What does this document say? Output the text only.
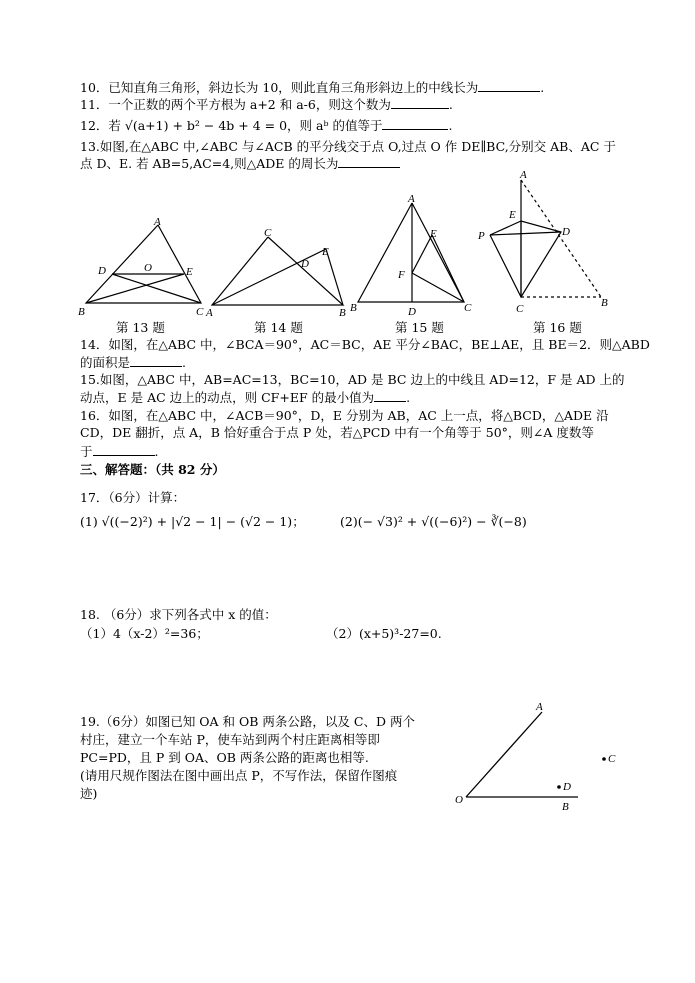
10．已知直角三角形，斜边长为 10，则此直角三角形斜边上的中线长为	.
11．一个正数的两个平方根为 a+2 和 a-6，则这个数为	.
12．若 √(a+1) + b² − 4b + 4 = 0，则 aᵇ 的值等于	.
13.如图,在△ABC 中,∠ABC 与∠ACB 的平分线交于点 O,过点 O 作 DE∥BC,分别交 AB、AC 于
点 D、E. 若 AB=5,AC=4,则△ADE 的周长为
A
D	O	E
B	C
第 13 题
C
D
E
A	B
第 14 题
A
E
F
B	D	C
第 15 题
A
E
P	D
C	B
第 16 题
14．如图，在△ABC 中，∠BCA＝90°，AC＝BC，AE 平分∠BAC，BE⊥AE，且 BE＝2．则△ABD
的面积是	.
15.如图，△ABC 中，AB=AC=13，BC=10，AD 是 BC 边上的中线且 AD=12，F 是 AD 上的
动点，E 是 AC 边上的动点，则 CF+EF 的最小值为	.
16．如图，在△ABC 中，∠ACB＝90°，D，E 分别为 AB，AC 上一点，将△BCD，△ADE 沿
CD，DE 翻折，点 A，B 恰好重合于点 P 处，若△PCD 中有一个角等于 50°，则∠A 度数等
于	.
三、解答题：（共 82 分）
17．（6分）计算：
(1) √((−2)²) + |√2 − 1| − (√2 − 1)；	(2)(− √3)² + √((−6)²) − ∛(−8)
18. （6分）求下列各式中 x 的值：
（1）4（x-2）²=36；	（2）(x+5)³-27=0.
19.（6分）如图已知 OA 和 OB 两条公路，以及 C、D 两个
村庄，建立一个车站 P，使车站到两个村庄距离相等即
PC=PD，且 P 到 OA、OB 两条公路的距离也相等.
(请用尺规作图法在图中画出点 P，不写作法，保留作图痕
迹)
A
C
D
O
B
